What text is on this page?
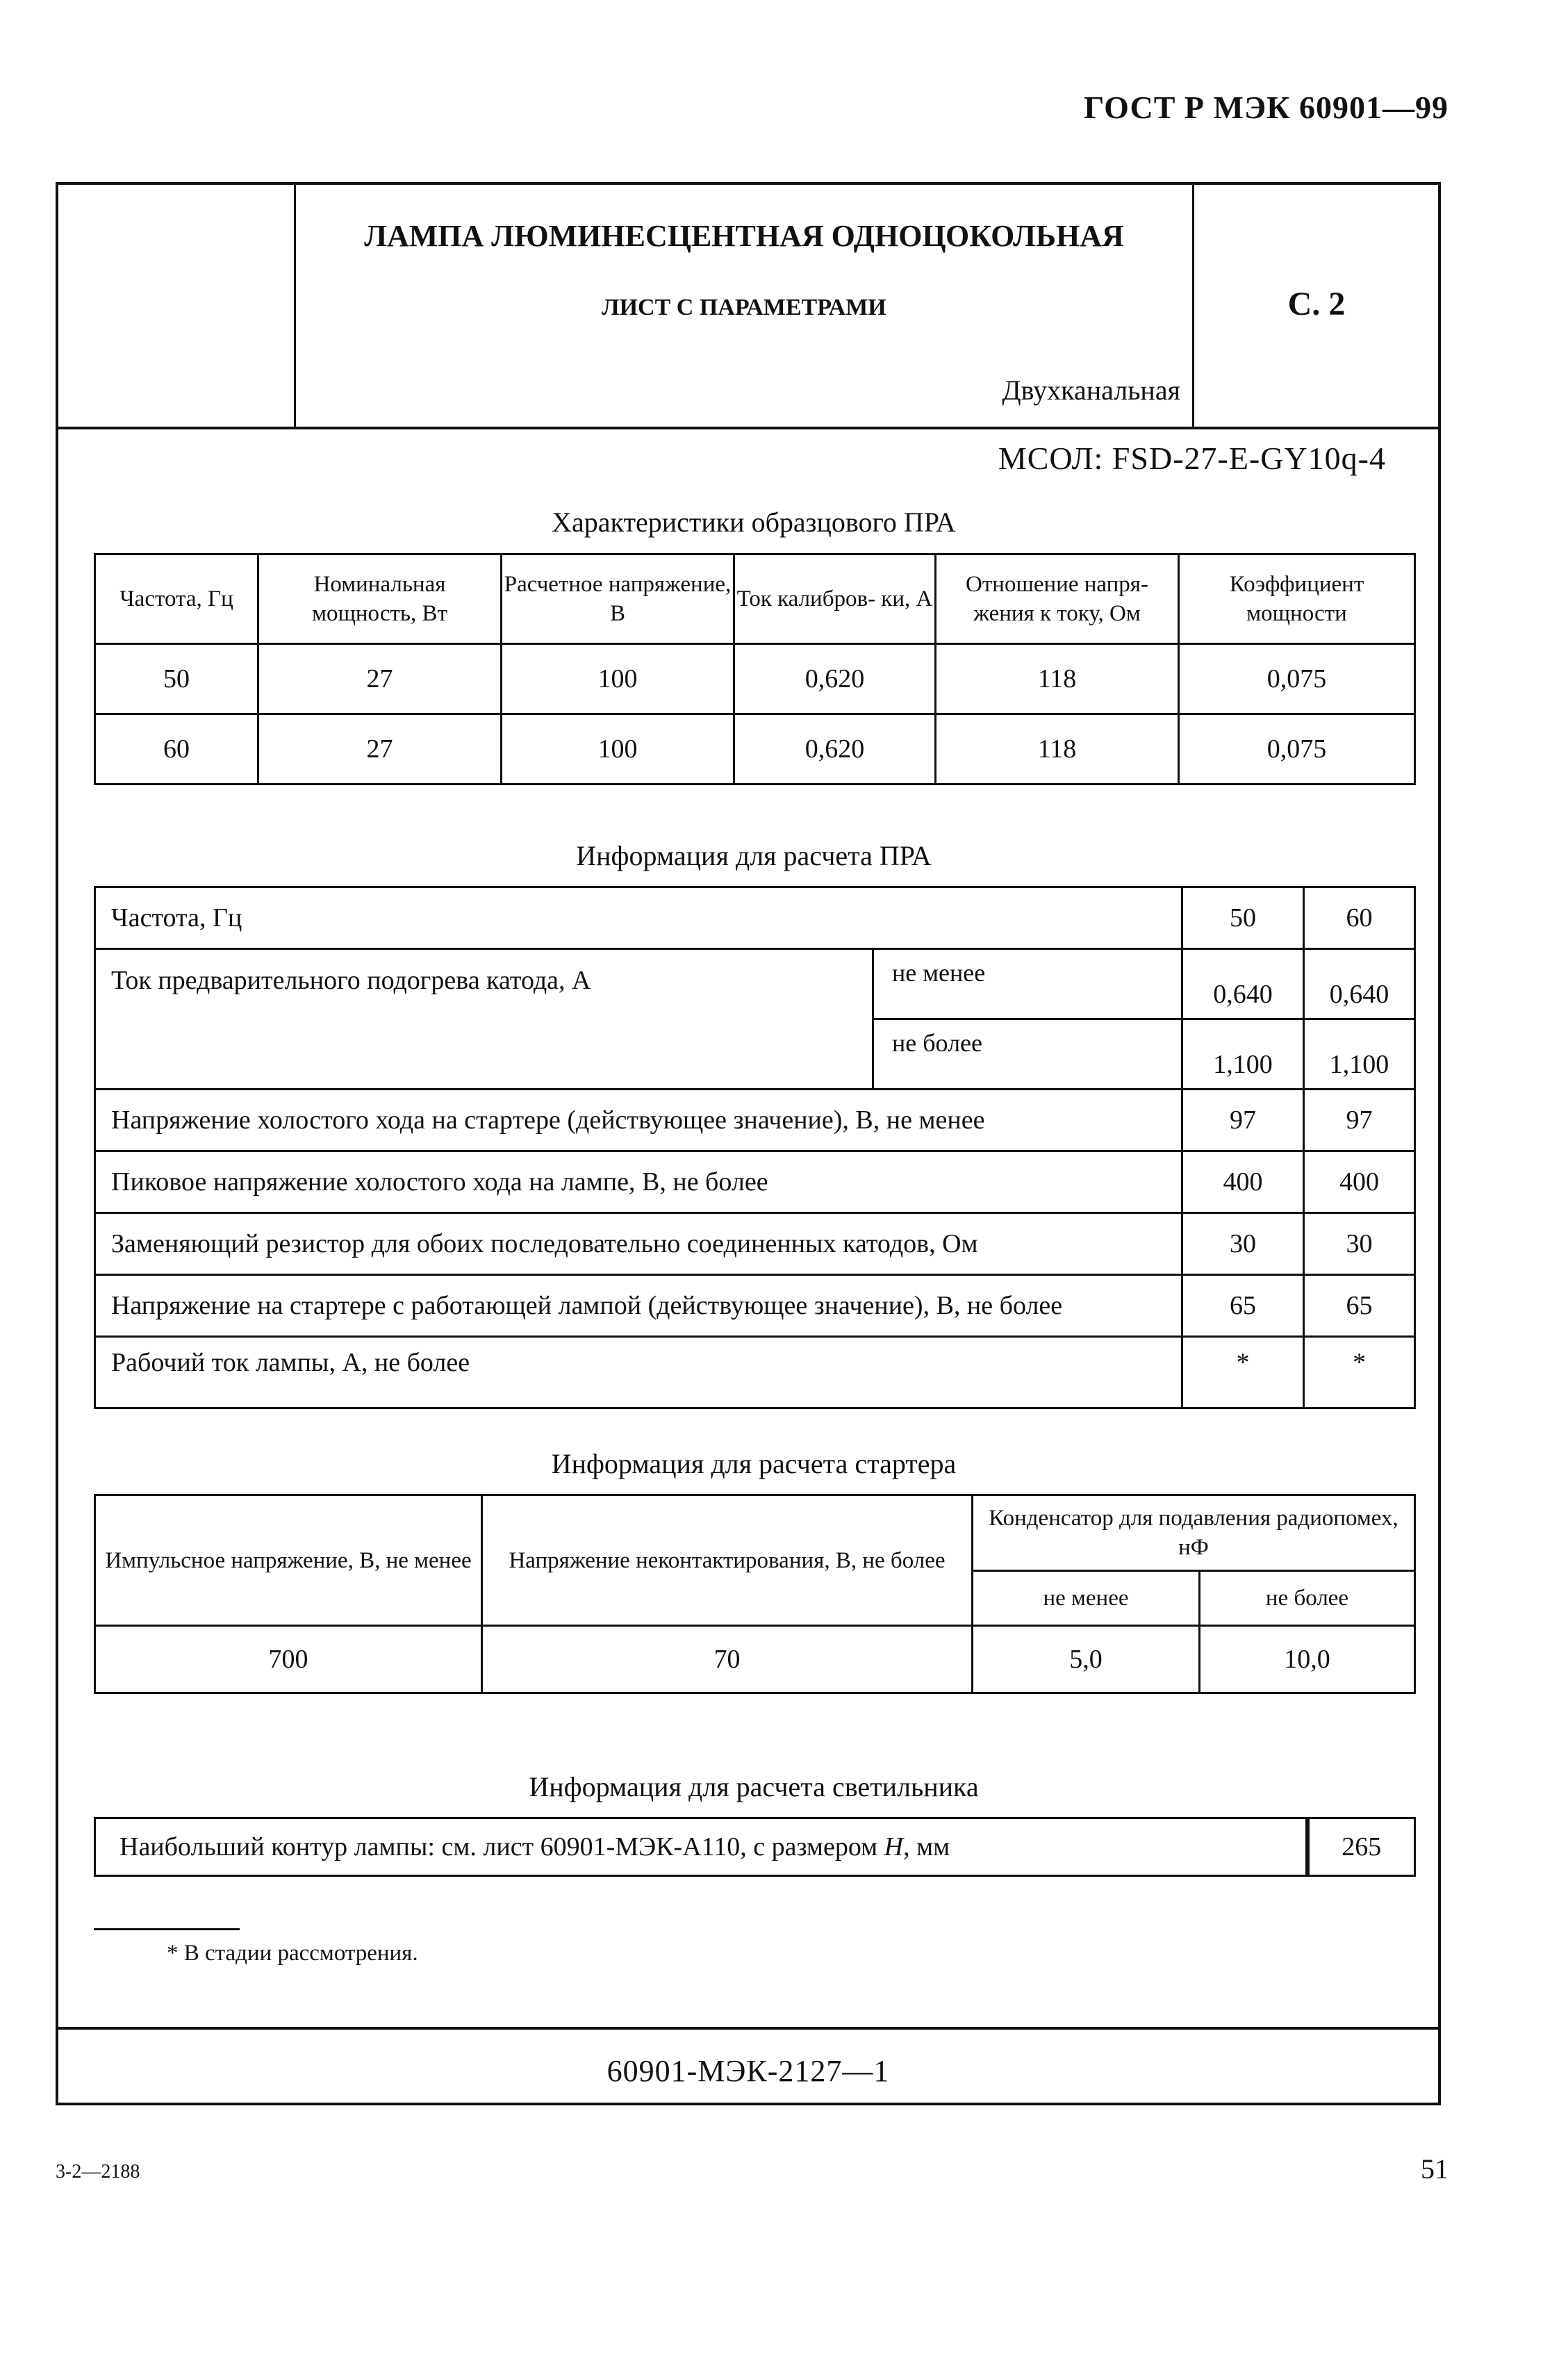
ГОСТ Р МЭК 60901—99
ЛАМПА ЛЮМИНЕСЦЕНТНАЯ ОДНОЦОКОЛЬНАЯ
ЛИСТ С ПАРАМЕТРАМИ
Двухканальная
С. 2
МСОЛ: FSD-27-E-GY10q-4
Характеристики образцового ПРА
Частота, Гц	Номинальная мощность, Вт	Расчетное напряжение, В	Ток калибров- ки, А	Отношение напря- жения к току, Ом	Коэффициент мощности
50	27	100	0,620	118	0,075
60	27	100	0,620	118	0,075
Информация для расчета ПРА
Частота, Гц		50	60
Ток предварительного подогрева катода, А	не менее	0,640	0,640
	не более	1,100	1,100
Напряжение холостого хода на стартере (действующее значение), В, не менее		97	97
Пиковое напряжение холостого хода на лампе, В, не более		400	400
Заменяющий резистор для обоих последовательно соединенных катодов, Ом		30	30
Напряжение на стартере с работающей лампой (действующее значение), В, не более		65	65
Рабочий ток лампы, А, не более		*	*
Информация для расчета стартера
Импульсное напряжение, В, не менее	Напряжение неконтактирования, В, не более	Конденсатор для подавления радиопомех, нФ	
		не менее	не более
700	70	5,0	10,0
Информация для расчета светильника
Наибольший контур лампы: см. лист 60901-МЭК-А110, с размером Н, мм	265
* В стадии рассмотрения.
60901-МЭК-2127—1
3-2—2188	51
